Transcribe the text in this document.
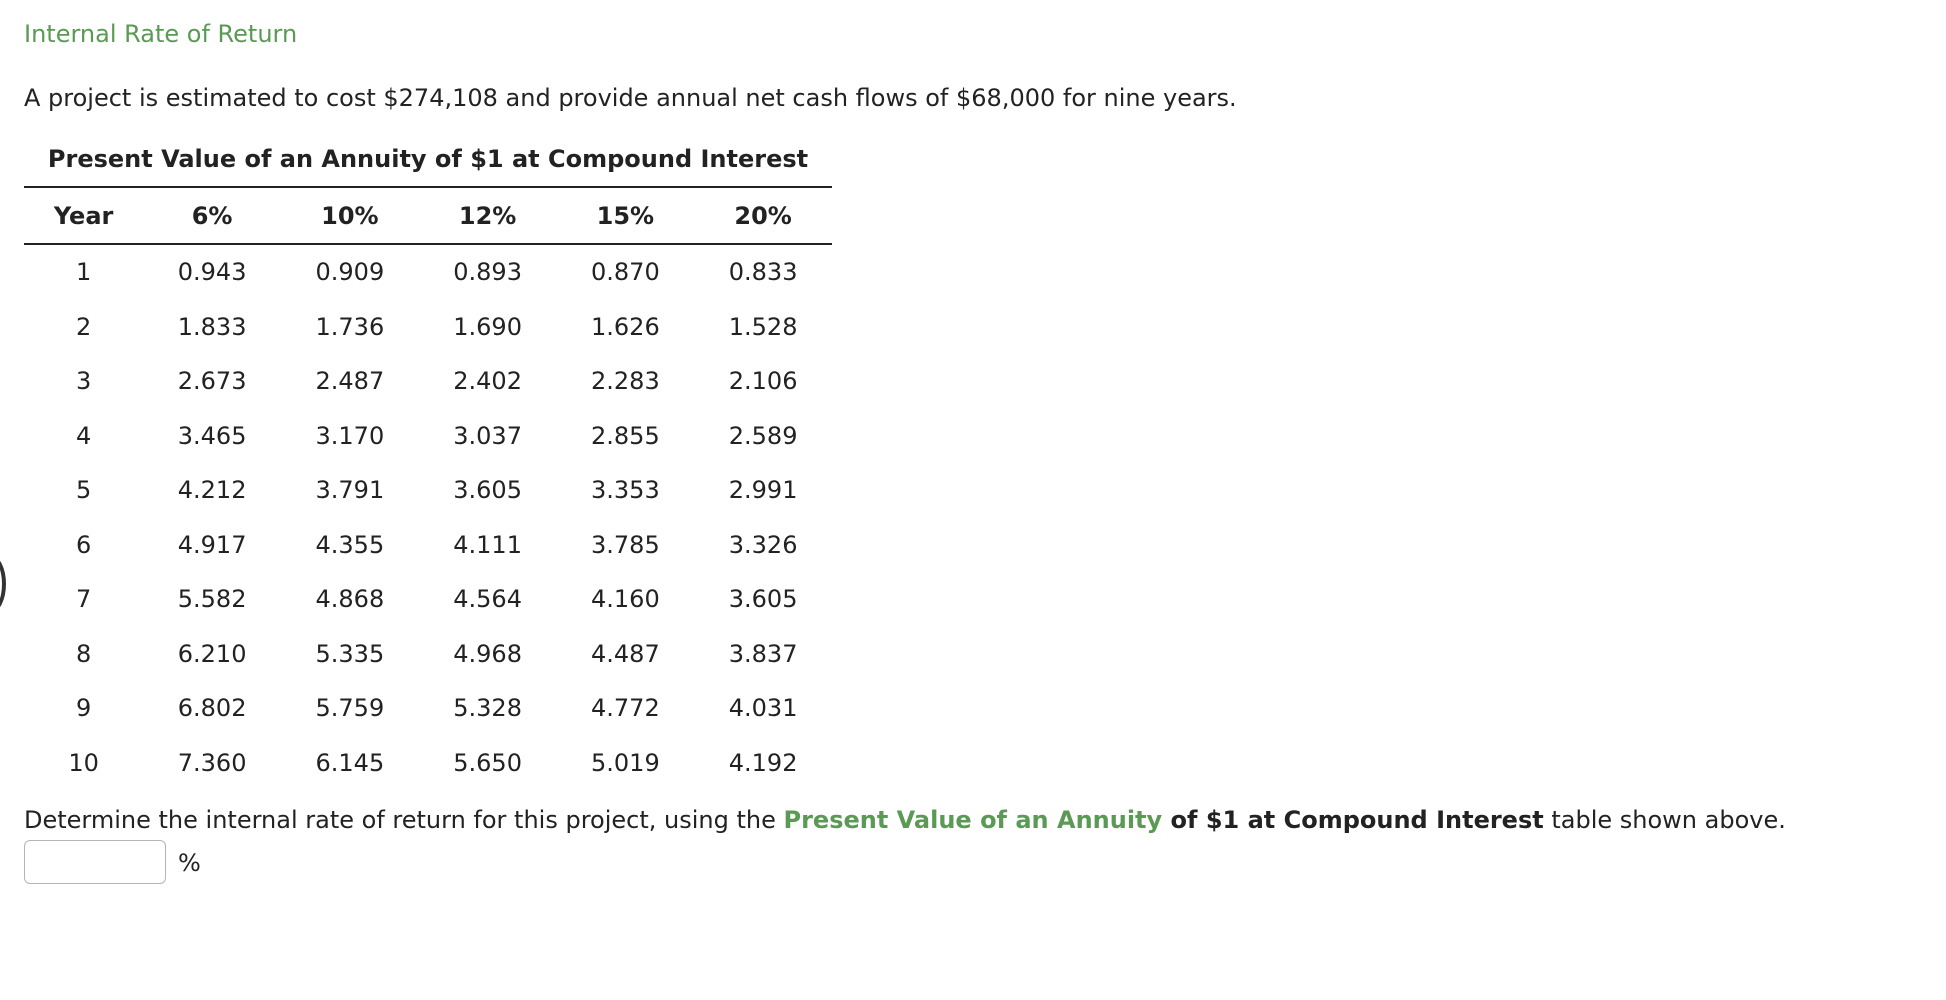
Internal Rate of Return
A project is estimated to cost $274,108 and provide annual net cash flows of $68,000 for nine years.
Present Value of an Annuity of $1 at Compound Interest
Year	6%	10%	12%	15%	20%
1	0.943	0.909	0.893	0.870	0.833
2	1.833	1.736	1.690	1.626	1.528
3	2.673	2.487	2.402	2.283	2.106
4	3.465	3.170	3.037	2.855	2.589
5	4.212	3.791	3.605	3.353	2.991
6	4.917	4.355	4.111	3.785	3.326
7	5.582	4.868	4.564	4.160	3.605
8	6.210	5.335	4.968	4.487	3.837
9	6.802	5.759	5.328	4.772	4.031
10	7.360	6.145	5.650	5.019	4.192
Determine the internal rate of return for this project, using the Present Value of an Annuity of $1 at Compound Interest table shown above.
%
